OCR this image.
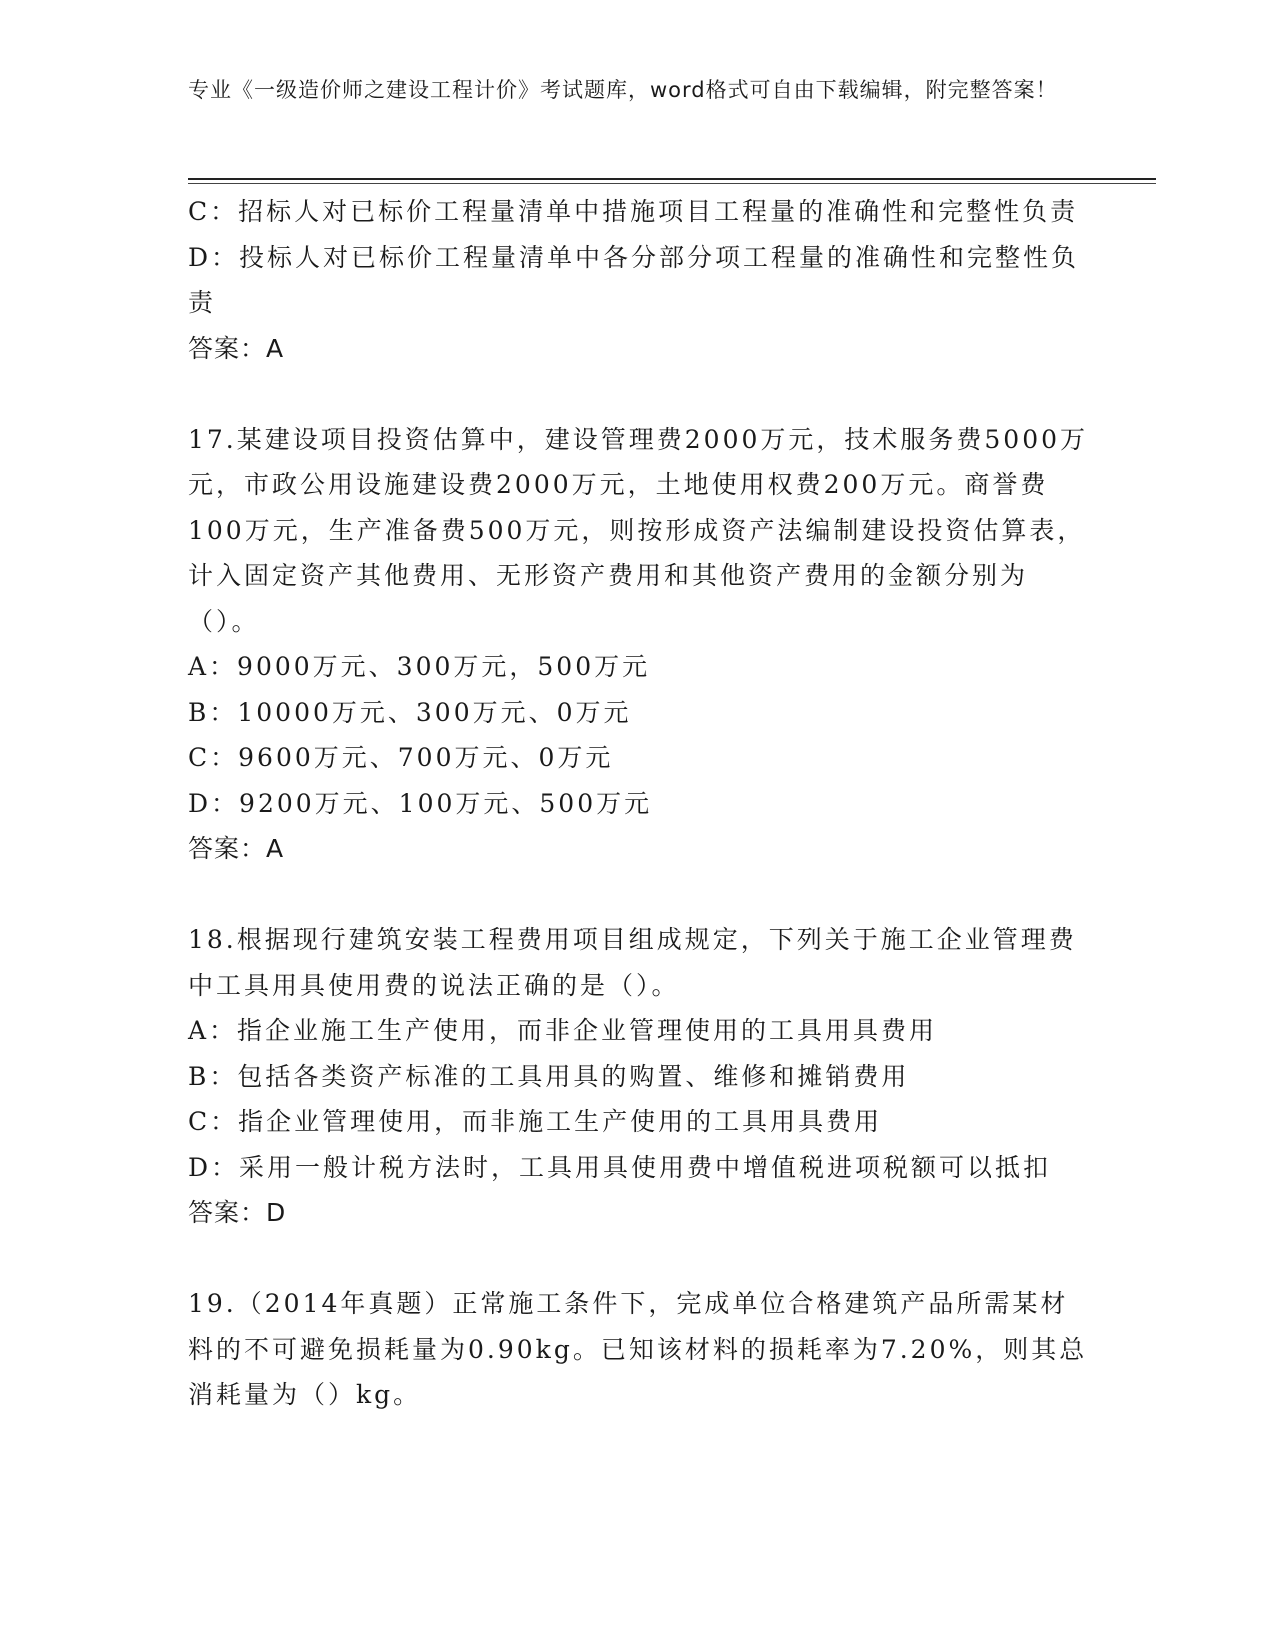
专业《一级造价师之建设工程计价》考试题库，word格式可自由下载编辑，附完整答案！

C：招标人对已标价工程量清单中措施项目工程量的准确性和完整性负责

D：投标人对已标价工程量清单中各分部分项工程量的准确性和完整性负责

答案：A

17.某建设项目投资估算中，建设管理费2000万元，技术服务费5000万元，市政公用设施建设费2000万元，土地使用权费200万元。商誉费100万元，生产准备费500万元，则按形成资产法编制建设投资估算表，计入固定资产其他费用、无形资产费用和其他资产费用的金额分别为（）。

A：9000万元、300万元，500万元

B：10000万元、300万元、0万元

C：9600万元、700万元、0万元

D：9200万元、100万元、500万元

答案：A

18.根据现行建筑安装工程费用项目组成规定，下列关于施工企业管理费中工具用具使用费的说法正确的是（）。

A：指企业施工生产使用，而非企业管理使用的工具用具费用

B：包括各类资产标准的工具用具的购置、维修和摊销费用

C：指企业管理使用，而非施工生产使用的工具用具费用

D：采用一般计税方法时，工具用具使用费中增值税进项税额可以抵扣

答案：D

19.（2014年真题）正常施工条件下，完成单位合格建筑产品所需某材料的不可避免损耗量为0.90kg。已知该材料的损耗率为7.20%，则其总消耗量为（）kg。
